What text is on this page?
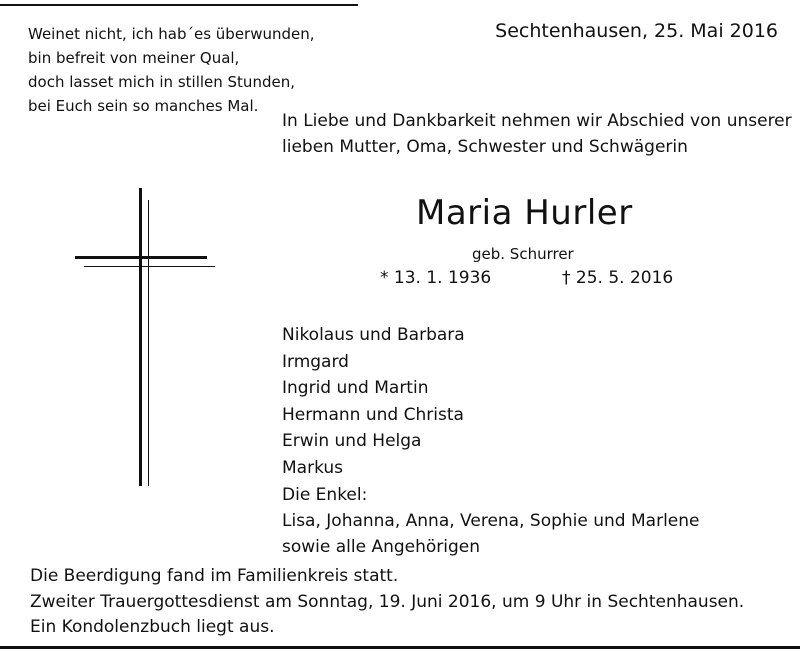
Weinet nicht, ich hab´es überwunden,
bin befreit von meiner Qual,
doch lasset mich in stillen Stunden,
bei Euch sein so manches Mal.
Sechtenhausen, 25. Mai 2016
In Liebe und Dankbarkeit nehmen wir Abschied von unserer
lieben Mutter, Oma, Schwester und Schwägerin
Maria Hurler
geb. Schurrer
* 13. 1. 1936	† 25. 5. 2016
Nikolaus und Barbara
Irmgard
Ingrid und Martin
Hermann und Christa
Erwin und Helga
Markus
Die Enkel:
Lisa, Johanna, Anna, Verena, Sophie und Marlene
sowie alle Angehörigen
Die Beerdigung fand im Familienkreis statt.
Zweiter Trauergottesdienst am Sonntag, 19. Juni 2016, um 9 Uhr in Sechtenhausen.
Ein Kondolenzbuch liegt aus.
